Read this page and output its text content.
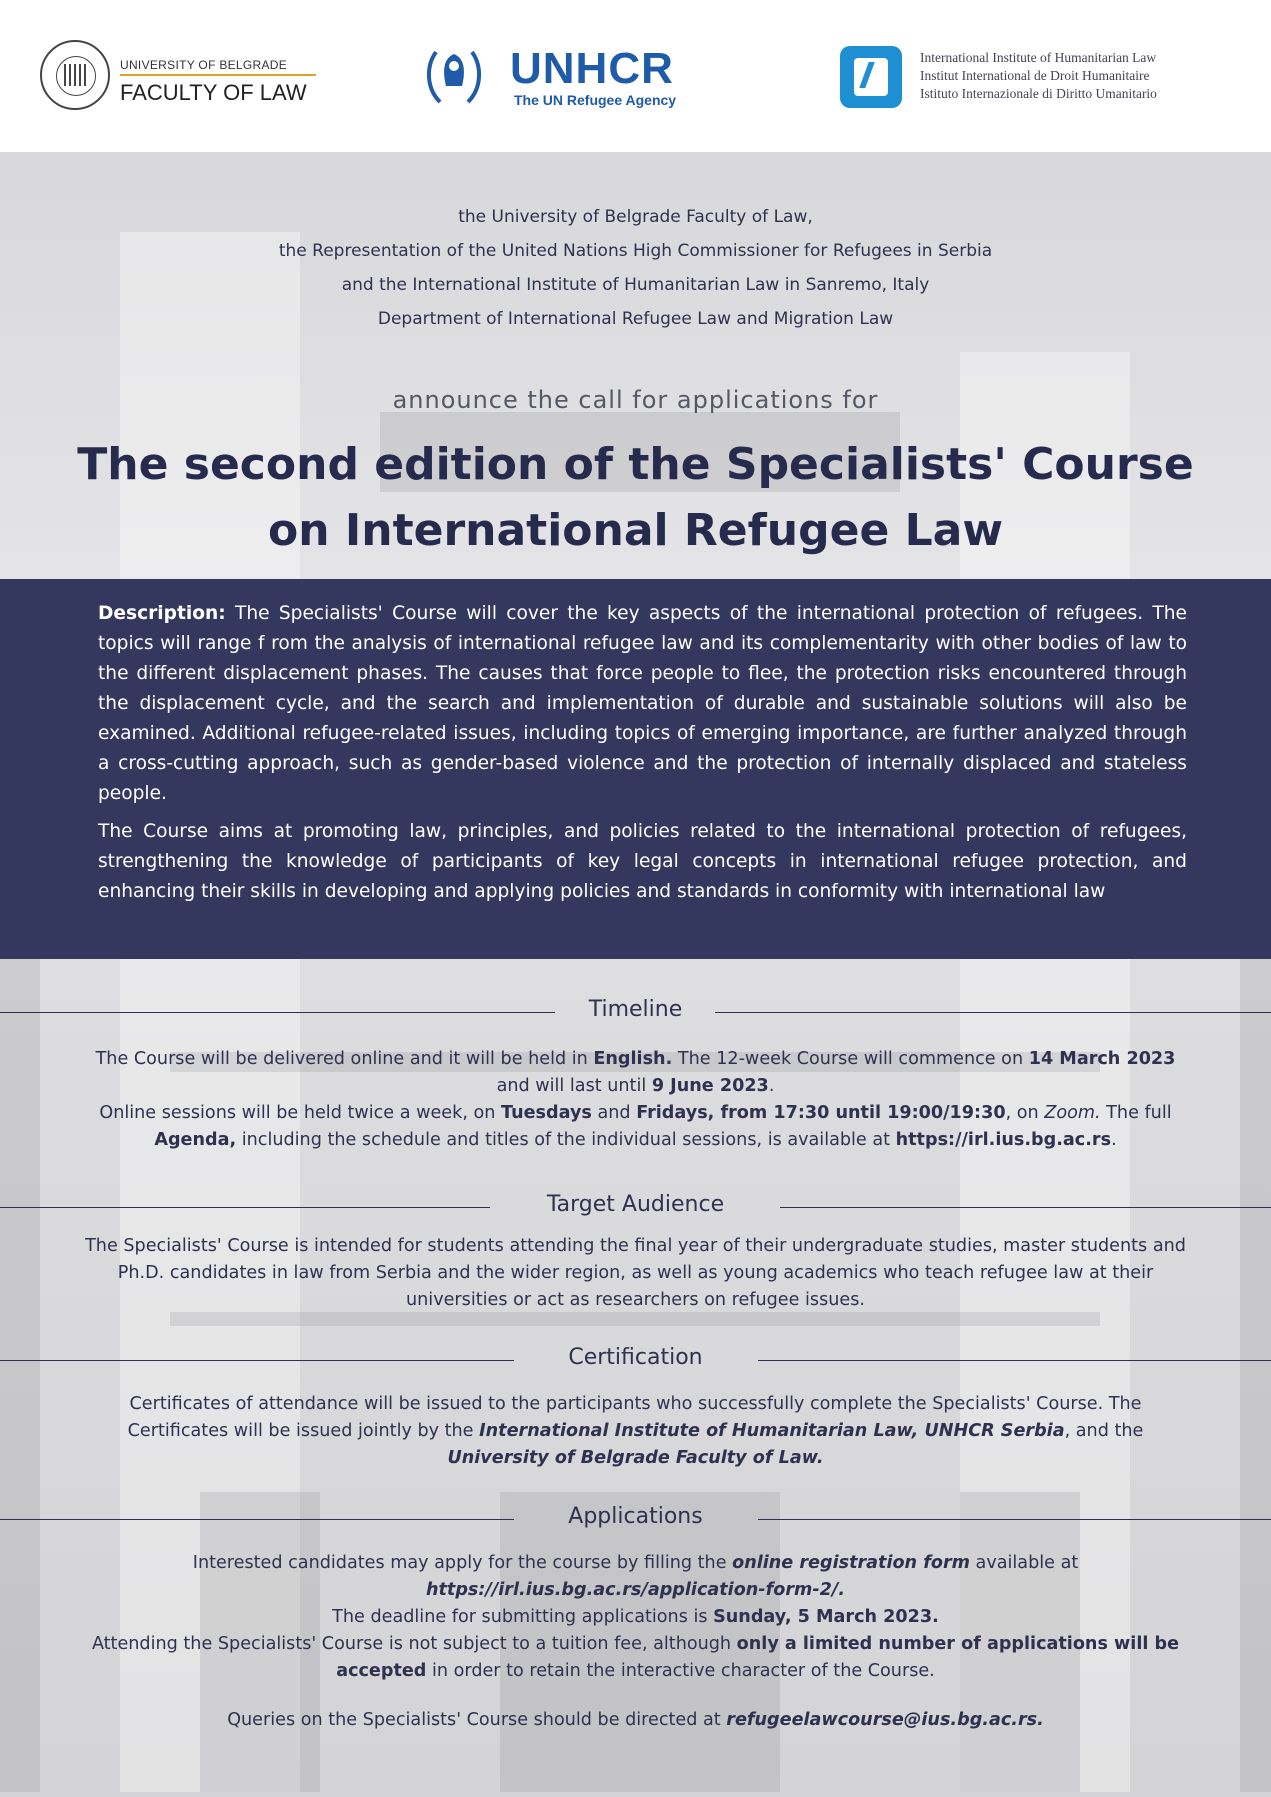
UNIVERSITY OF BELGRADE
FACULTY OF LAW	UNHCR
The UN Refugee Agency
International Institute of Humanitarian Law
Institut International de Droit Humanitaire
Istituto Internazionale di Diritto Umanitario

the University of Belgrade Faculty of Law,

the Representation of the United Nations High Commissioner for Refugees in Serbia

and the International Institute of Humanitarian Law in Sanremo, Italy

Department of International Refugee Law and Migration Law

announce the call for applications for
The second edition of the Specialists' Course
on International Refugee Law

Description: The Specialists' Course will cover the key aspects of the international protection of refugees. The topics will range f rom the analysis of international refugee law and its complementarity with other bodies of law to the different displacement phases. The causes that force people to flee, the protection risks encountered through the displacement cycle, and the search and implementation of durable and sustainable solutions will also be examined. Additional refugee-related issues, including topics of emerging importance, are further analyzed through a cross-cutting approach, such as gender-based violence and the protection of internally displaced and stateless people.

The Course aims at promoting law, principles, and policies related to the international protection of refugees, strengthening the knowledge of participants of key legal concepts in international refugee protection, and enhancing their skills in developing and applying policies and standards in conformity with international law

Timeline

The Course will be delivered online and it will be held in English. The 12-week Course will commence on 14 March 2023 and will last until 9 June 2023.

Online sessions will be held twice a week, on Tuesdays and Fridays, from 17:30 until 19:00/19:30, on Zoom. The full Agenda, including the schedule and titles of the individual sessions, is available at https://irl.ius.bg.ac.rs.

Target Audience

The Specialists' Course is intended for students attending the final year of their undergraduate studies, master students and Ph.D. candidates in law from Serbia and the wider region, as well as young academics who teach refugee law at their universities or act as researchers on refugee issues.

Certification

Certificates of attendance will be issued to the participants who successfully complete the Specialists' Course. The Certificates will be issued jointly by the International Institute of Humanitarian Law, UNHCR Serbia, and the University of Belgrade Faculty of Law.

Applications

Interested candidates may apply for the course by filling the online registration form available at
https://irl.ius.bg.ac.rs/application-form-2/.

The deadline for submitting applications is Sunday, 5 March 2023.

Attending the Specialists' Course is not subject to a tuition fee, although only a limited number of applications will be accepted in order to retain the interactive character of the Course.

Queries on the Specialists' Course should be directed at refugeelawcourse@ius.bg.ac.rs.
